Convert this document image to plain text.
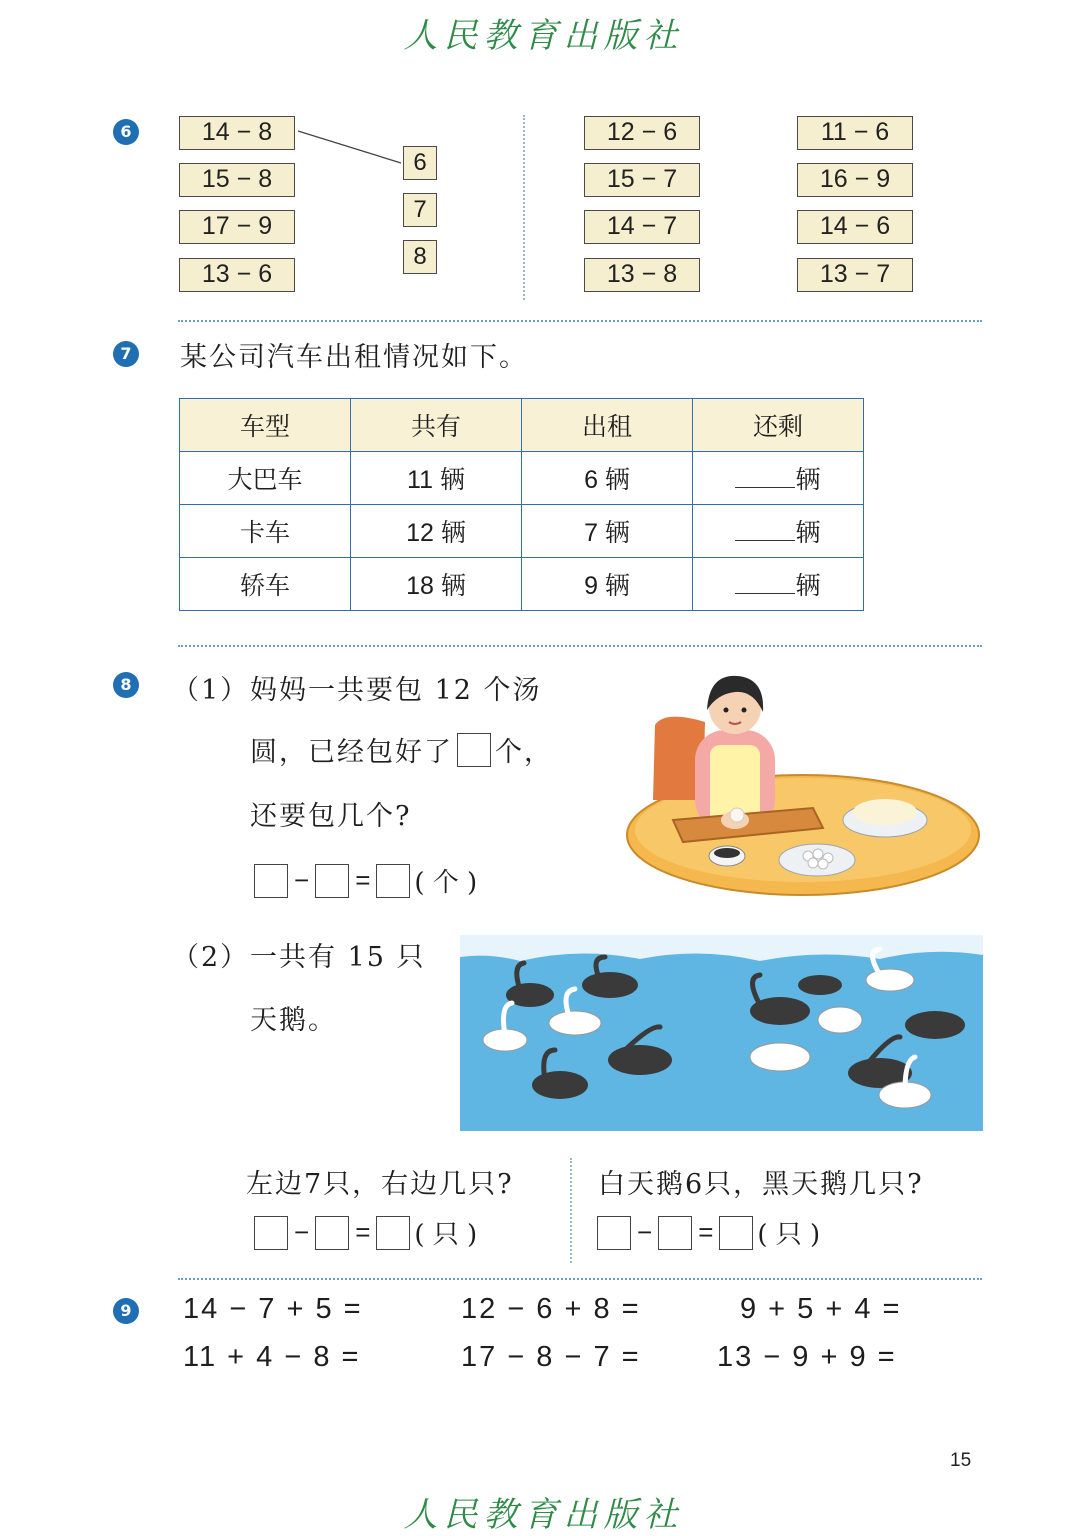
人民教育出版社
6	14 − 8
15 − 8
17 − 9
13 − 6
6
7
8
12 − 6
15 − 7
14 − 7
13 − 8
11 − 6
16 − 9
14 − 6
13 − 7
7 某公司汽车出租情况如下。
车型	共有	出租	还剩
大巴车	11 辆	6 辆	辆
卡车	12 辆	7 辆	辆
轿车	18 辆	9 辆	辆
8 （1） 妈妈一共要包 12 个汤
圆，已经包好了 个，
还要包几个?
− = ( 个 )
（2） 一共有 15 只
天鹅。
左边7只，右边几只?	白天鹅6只，黑天鹅几只?
− = ( 只 )	− = ( 只 )
9 14 − 7 + 5 =	12 − 6 + 8 =	9 + 5 + 4 =
11 + 4 − 8 =	17 − 8 − 7 =	13 − 9 + 9 =
15
人民教育出版社
